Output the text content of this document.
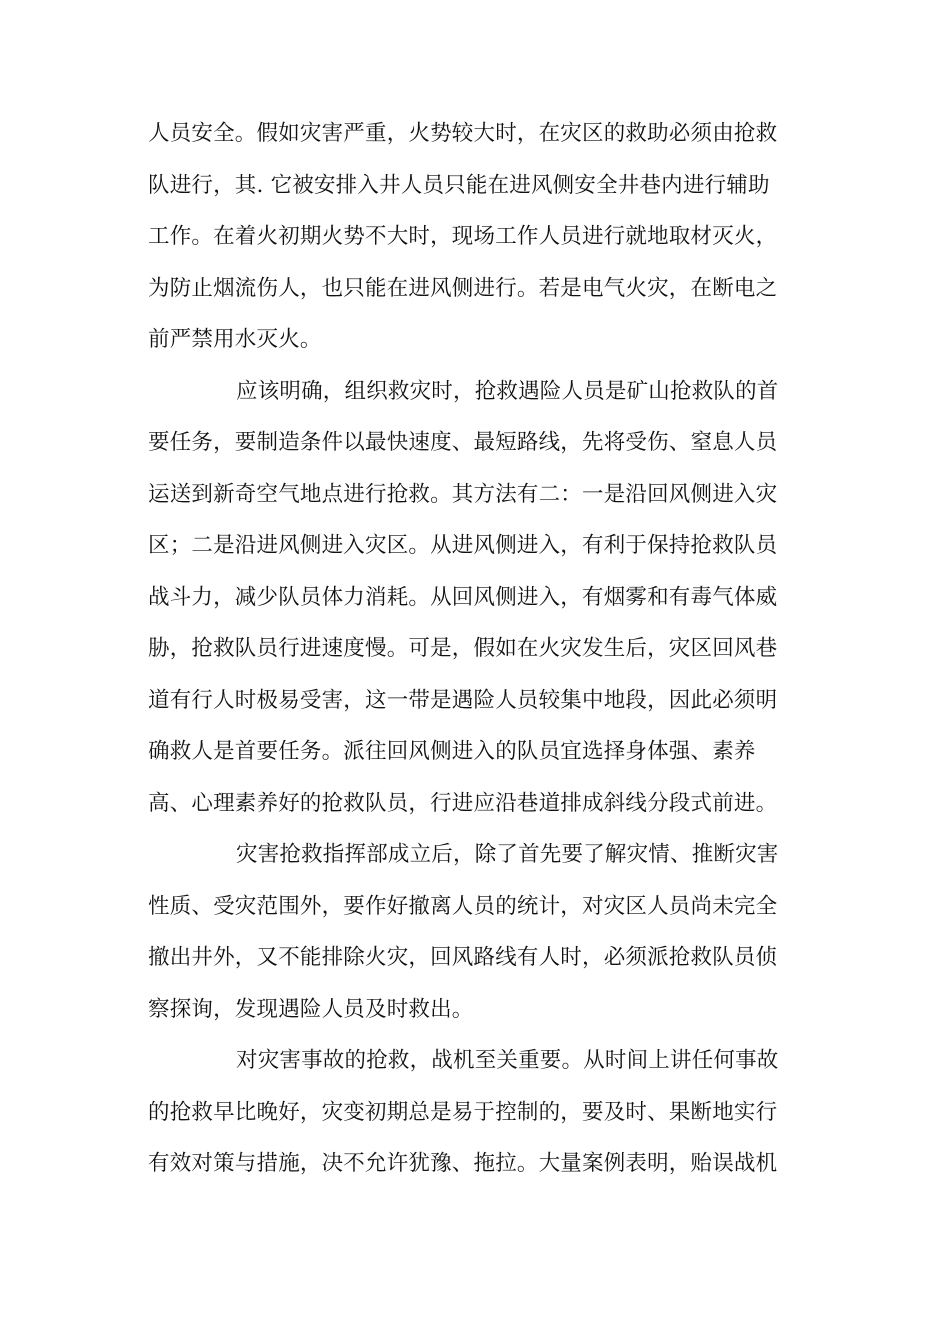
人员安全。假如灾害严重，火势较大时，在灾区的救助必须由抢救
队进行，其. 它被安排入井人员只能在进风侧安全井巷内进行辅助
工作。在着火初期火势不大时，现场工作人员进行就地取材灭火，
为防止烟流伤人，也只能在进风侧进行。若是电气火灾，在断电之
前严禁用水灭火。
应该明确，组织救灾时，抢救遇险人员是矿山抢救队的首
要任务，要制造条件以最快速度、最短路线，先将受伤、窒息人员
运送到新奇空气地点进行抢救。其方法有二：一是沿回风侧进入灾
区；二是沿进风侧进入灾区。从进风侧进入，有利于保持抢救队员
战斗力，减少队员体力消耗。从回风侧进入，有烟雾和有毒气体威
胁，抢救队员行进速度慢。可是，假如在火灾发生后，灾区回风巷
道有行人时极易受害，这一带是遇险人员较集中地段，因此必须明
确救人是首要任务。派往回风侧进入的队员宜选择身体强、素养
高、心理素养好的抢救队员，行进应沿巷道排成斜线分段式前进。
灾害抢救指挥部成立后，除了首先要了解灾情、推断灾害
性质、受灾范围外，要作好撤离人员的统计，对灾区人员尚未完全
撤出井外，又不能排除火灾，回风路线有人时，必须派抢救队员侦
察探询，发现遇险人员及时救出。
对灾害事故的抢救，战机至关重要。从时间上讲任何事故
的抢救早比晚好，灾变初期总是易于控制的，要及时、果断地实行
有效对策与措施，决不允许犹豫、拖拉。大量案例表明，贻误战机
